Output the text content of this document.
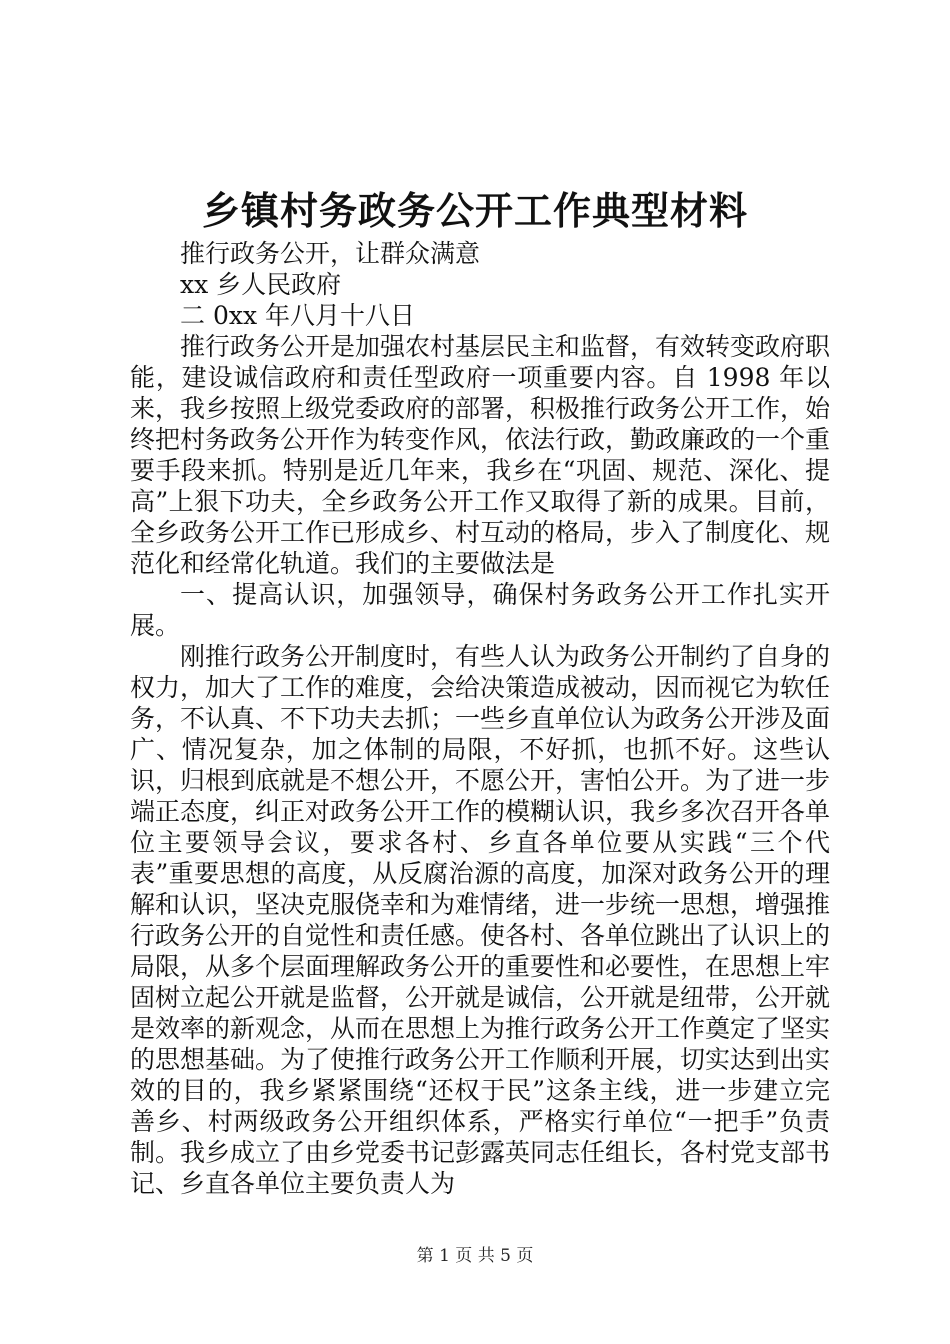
乡镇村务政务公开工作典型材料

推行政务公开，让群众满意

xx 乡人民政府

二 0xx 年八月十八日

推行政务公开是加强农村基层民主和监督，有效转变政府职能，建设诚信政府和责任型政府一项重要内容。自 1998 年以来，我乡按照上级党委政府的部署，积极推行政务公开工作，始终把村务政务公开作为转变作风，依法行政，勤政廉政的一个重要手段来抓。特别是近几年来，我乡在“巩固、规范、深化、提高”上狠下功夫，全乡政务公开工作又取得了新的成果。目前，全乡政务公开工作已形成乡、村互动的格局，步入了制度化、规范化和经常化轨道。我们的主要做法是

一、提高认识，加强领导，确保村务政务公开工作扎实开展。

刚推行政务公开制度时，有些人认为政务公开制约了自身的权力，加大了工作的难度，会给决策造成被动，因而视它为软任务，不认真、不下功夫去抓；一些乡直单位认为政务公开涉及面广、情况复杂，加之体制的局限，不好抓，也抓不好。这些认识，归根到底就是不想公开，不愿公开，害怕公开。为了进一步端正态度，纠正对政务公开工作的模糊认识，我乡多次召开各单位主要领导会议，要求各村、乡直各单位要从实践“三个代表”重要思想的高度，从反腐治源的高度，加深对政务公开的理解和认识，坚决克服侥幸和为难情绪，进一步统一思想，增强推行政务公开的自觉性和责任感。使各村、各单位跳出了认识上的局限，从多个层面理解政务公开的重要性和必要性，在思想上牢固树立起公开就是监督，公开就是诚信，公开就是纽带，公开就是效率的新观念，从而在思想上为推行政务公开工作奠定了坚实的思想基础。为了使推行政务公开工作顺利开展，切实达到出实效的目的，我乡紧紧围绕“还权于民”这条主线，进一步建立完善乡、村两级政务公开组织体系，严格实行单位“一把手”负责制。我乡成立了由乡党委书记彭露英同志任组长，各村党支部书记、乡直各单位主要负责人为

第 1 页 共 5 页
